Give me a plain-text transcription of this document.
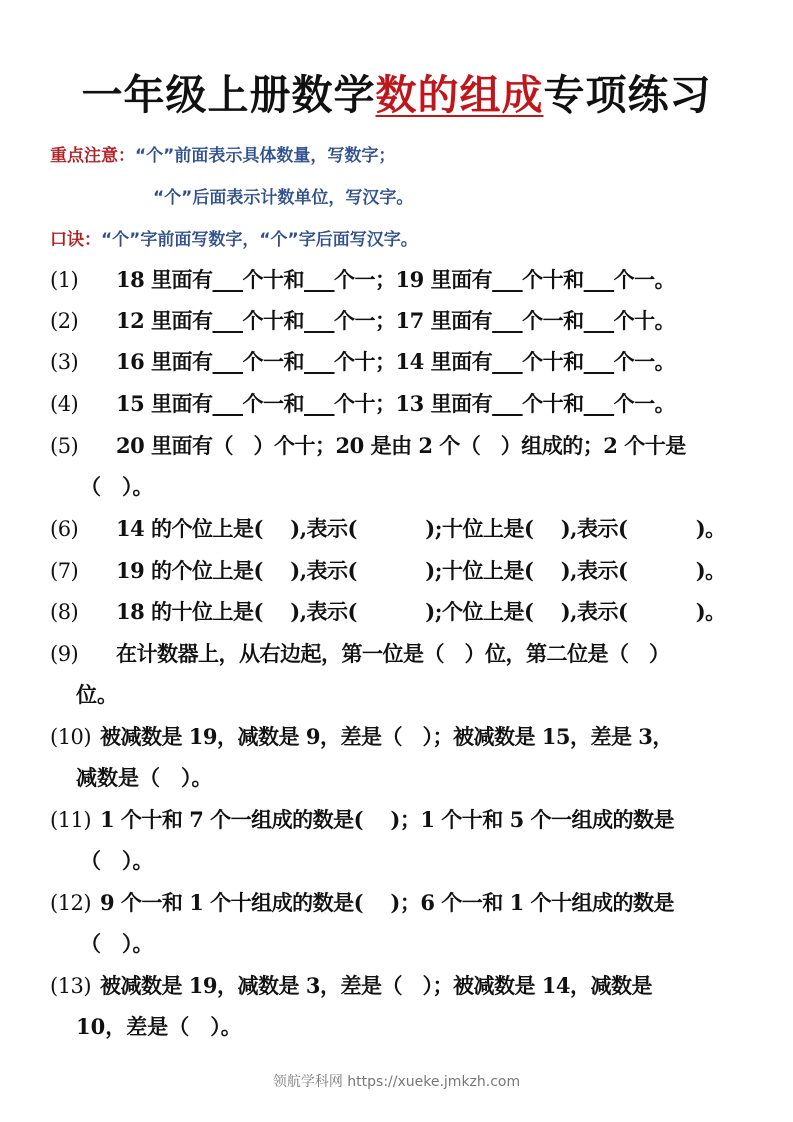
一年级上册数学数的组成专项练习
重点注意：“个”前面表示具体数量，写数字；
“个”后面表示计数单位，写汉字。
口诀：“个”字前面写数字，“个”字后面写汉字。
(1) 18 里面有___个十和___个一；19 里面有___个十和___个一。
(2) 12 里面有___个十和___个一；17 里面有___个一和___个十。
(3) 16 里面有___个一和___个十；14 里面有___个十和___个一。
(4) 15 里面有___个一和___个十；13 里面有___个十和___个一。
(5) 20 里面有（　）个十；20 是由 2 个（　）组成的；2 个十是
（　）。
(6) 14 的个位上是(　 ),表示(　　　 );十位上是(　 ),表示(　　　 )。
(7) 19 的个位上是(　 ),表示(　　　 );十位上是(　 ),表示(　　　 )。
(8) 18 的十位上是(　 ),表示(　　　 );个位上是(　 ),表示(　　　 )。
(9) 在计数器上，从右边起，第一位是（　）位，第二位是（　）
位。
(10) 被减数是 19，减数是 9，差是（　）；被减数是 15，差是 3，
减数是（　）。
(11) 1 个十和 7 个一组成的数是(　 )；1 个十和 5 个一组成的数是
（　）。
(12) 9 个一和 1 个十组成的数是(　 )；6 个一和 1 个十组成的数是
（　）。
(13) 被减数是 19，减数是 3，差是（　）；被减数是 14，减数是
10，差是（　）。
领航学科网 https://xueke.jmkzh.com
